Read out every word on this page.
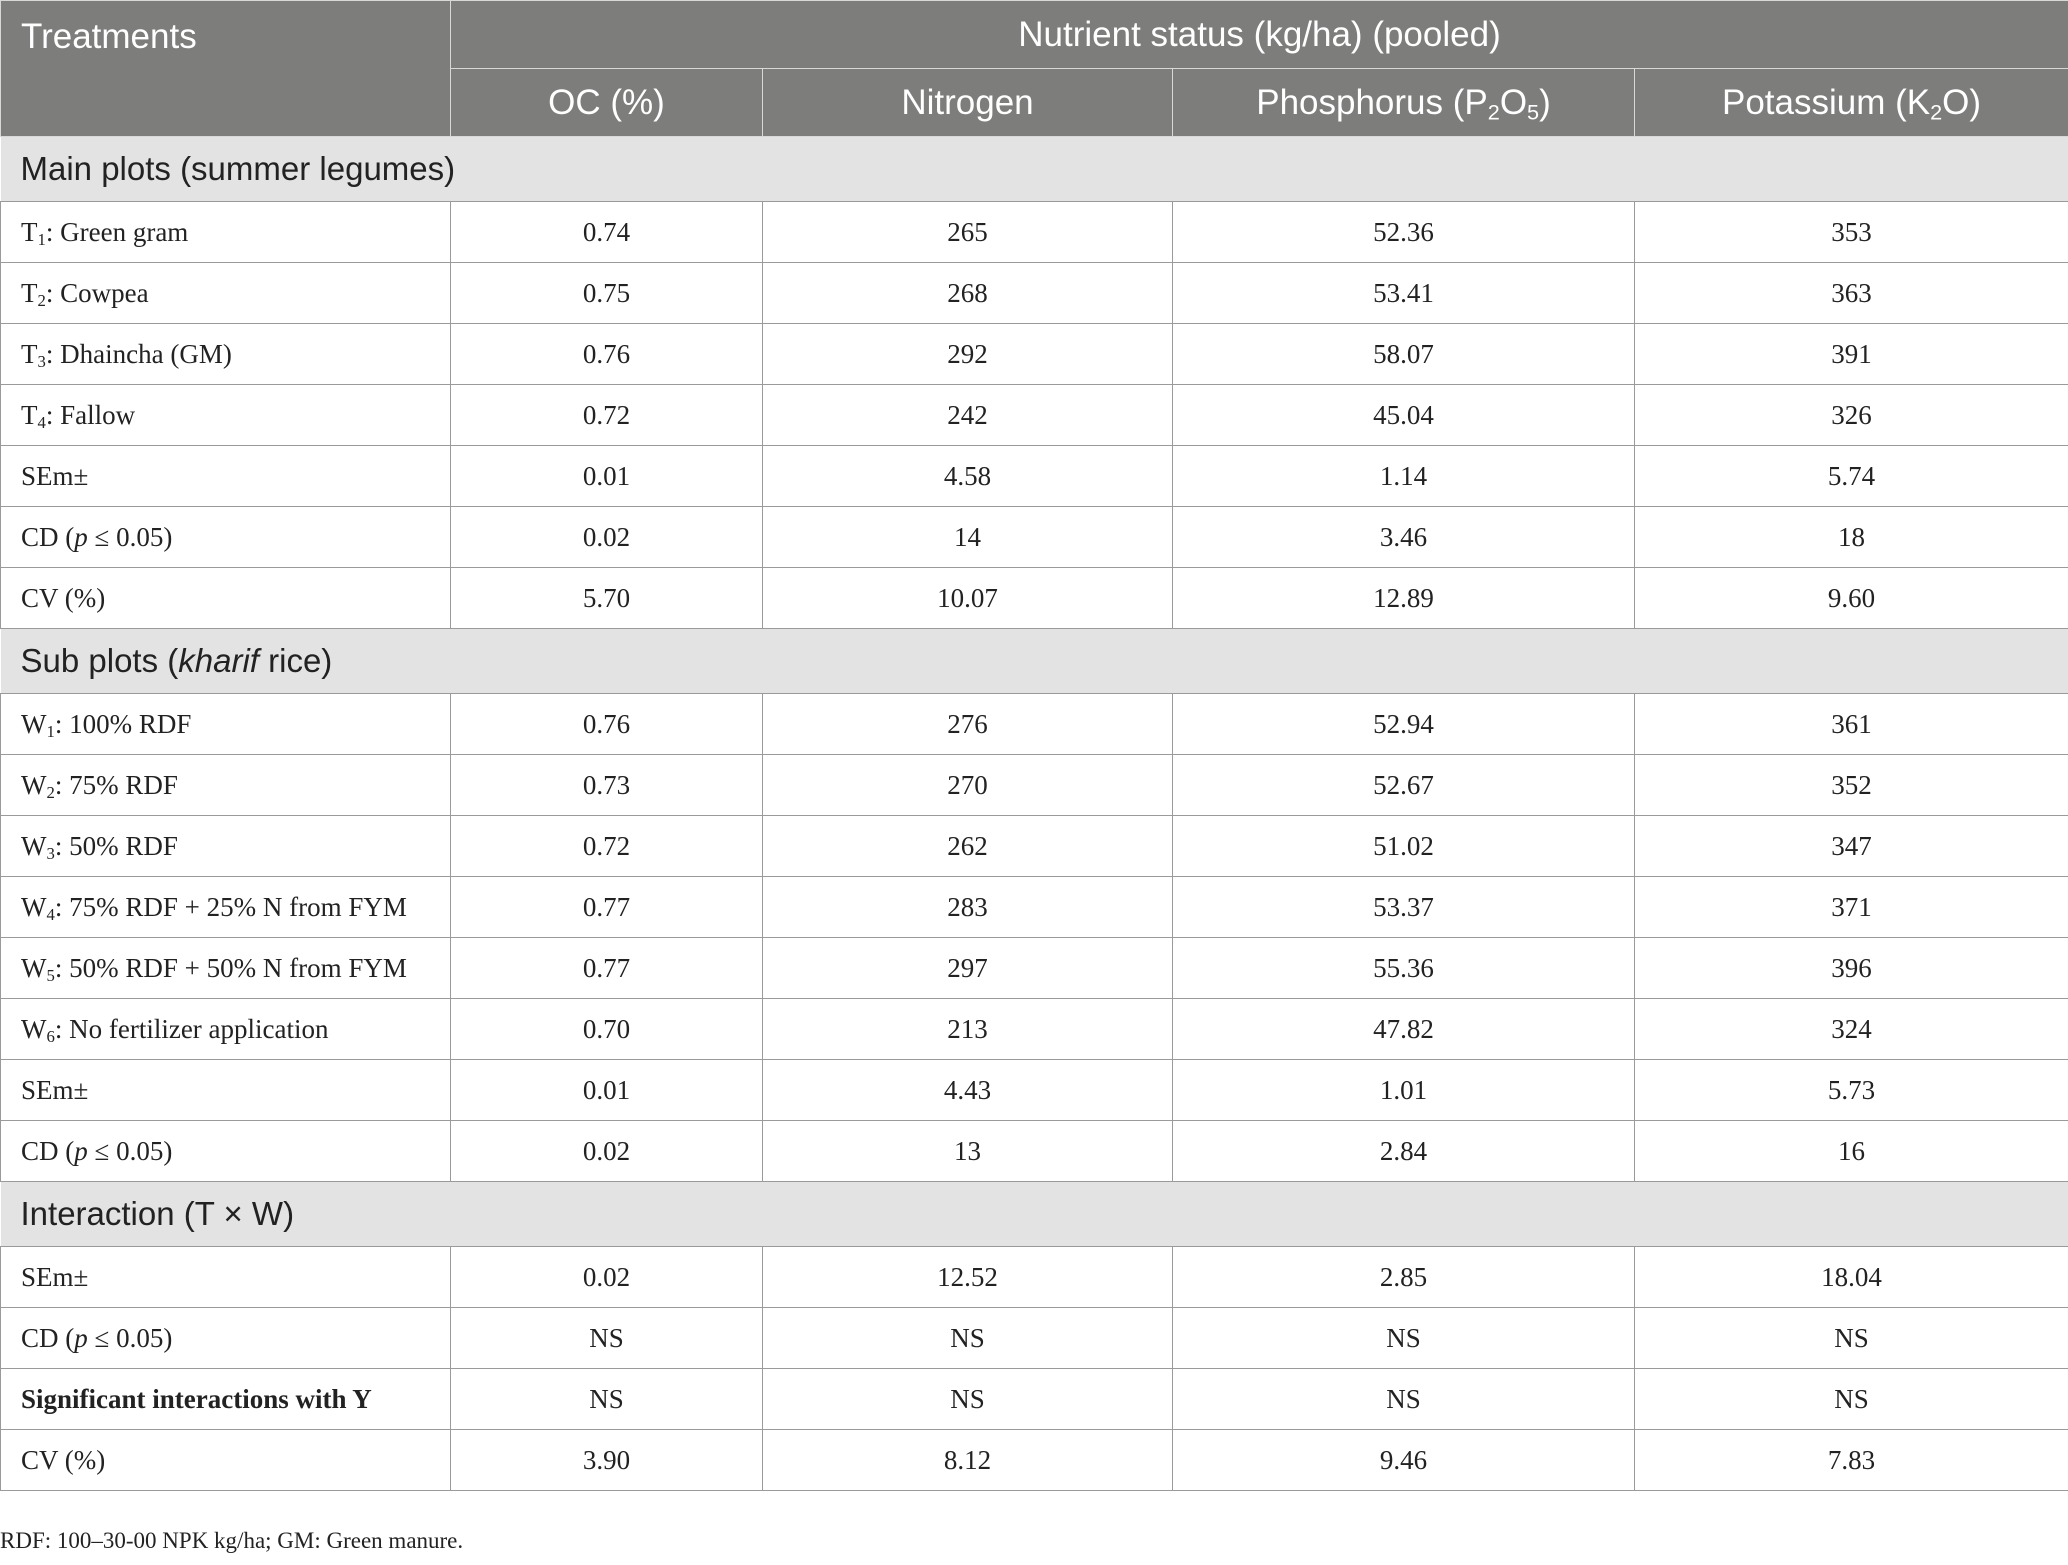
Treatments	Nutrient status (kg/ha) (pooled)			
	OC (%)	Nitrogen	Phosphorus $(P_2O_5)$	Potassium $(K_2O)$
Main plots (summer legumes)				
$T_1$: Green gram	0.74	265	52.36	353
$T_2$: Cowpea	0.75	268	53.41	363
$T_3$: Dhaincha (GM)	0.76	292	58.07	391
$T_4$: Fallow	0.72	242	45.04	326
SEm±	0.01	4.58	1.14	5.74
CD (p ≤ 0.05)	0.02	14	3.46	18
CV (%)	5.70	10.07	12.89	9.60
Sub plots (kharif rice)				
$W_1$: 100% RDF	0.76	276	52.94	361
$W_2$: 75% RDF	0.73	270	52.67	352
$W_3$: 50% RDF	0.72	262	51.02	347
$W_4$: 75% RDF + 25% N from FYM	0.77	283	53.37	371
$W_5$: 50% RDF + 50% N from FYM	0.77	297	55.36	396
$W_6$: No fertilizer application	0.70	213	47.82	324
SEm±	0.01	4.43	1.01	5.73
CD (p ≤ 0.05)	0.02	13	2.84	16
Interaction (T × W)				
SEm±	0.02	12.52	2.85	18.04
CD (p ≤ 0.05)	NS	NS	NS	NS
Significant interactions with Y	NS	NS	NS	NS
CV (%)	3.90	8.12	9.46	7.83
RDF: 100–30-00 NPK kg/ha; GM: Green manure.
